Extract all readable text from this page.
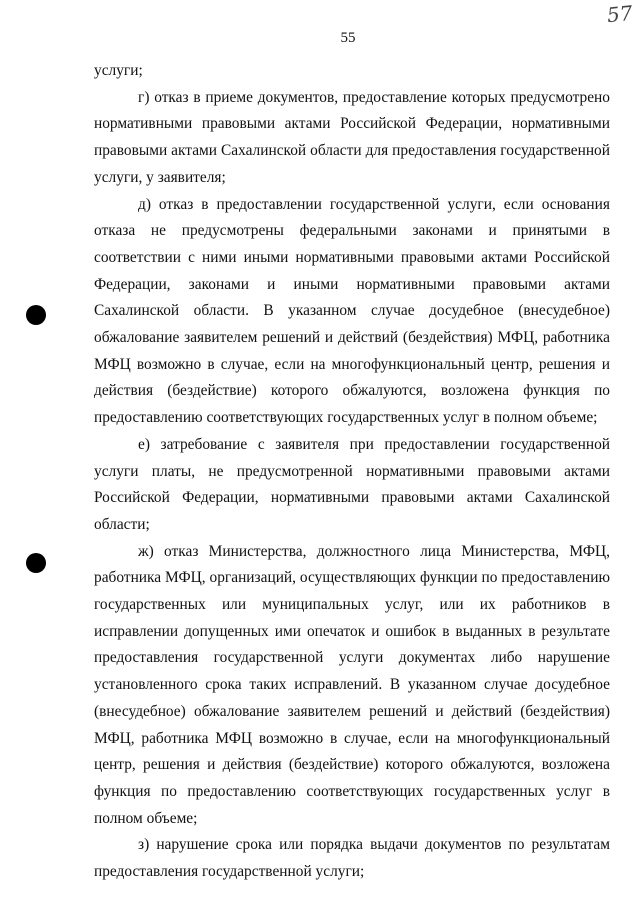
57
55

услуги;

г) отказ в приеме документов, предоставление которых предусмотрено нормативными правовыми актами Российской Федерации, нормативными правовыми актами Сахалинской области для предоставления государственной услуги, у заявителя;

д) отказ в предоставлении государственной услуги, если основания отказа не предусмотрены федеральными законами и принятыми в соответствии с ними иными нормативными правовыми актами Российской Федерации, законами и иными нормативными правовыми актами Сахалинской области. В указанном случае досудебное (внесудебное) обжалование заявителем решений и действий (бездействия) МФЦ, работника МФЦ возможно в случае, если на многофункциональный центр, решения и действия (бездействие) которого обжалуются, возложена функция по предоставлению соответствующих государственных услуг в полном объеме;

е) затребование с заявителя при предоставлении государственной услуги платы, не предусмотренной нормативными правовыми актами Российской Федерации, нормативными правовыми актами Сахалинской области;

ж) отказ Министерства, должностного лица Министерства, МФЦ, работника МФЦ, организаций, осуществляющих функции по предоставлению государственных или муниципальных услуг, или их работников в исправлении допущенных ими опечаток и ошибок в выданных в результате предоставления государственной услуги документах либо нарушение установленного срока таких исправлений. В указанном случае досудебное (внесудебное) обжалование заявителем решений и действий (бездействия) МФЦ, работника МФЦ возможно в случае, если на многофункциональный центр, решения и действия (бездействие) которого обжалуются, возложена функция по предоставлению соответствующих государственных услуг в полном объеме;

з) нарушение срока или порядка выдачи документов по результатам предоставления государственной услуги;
